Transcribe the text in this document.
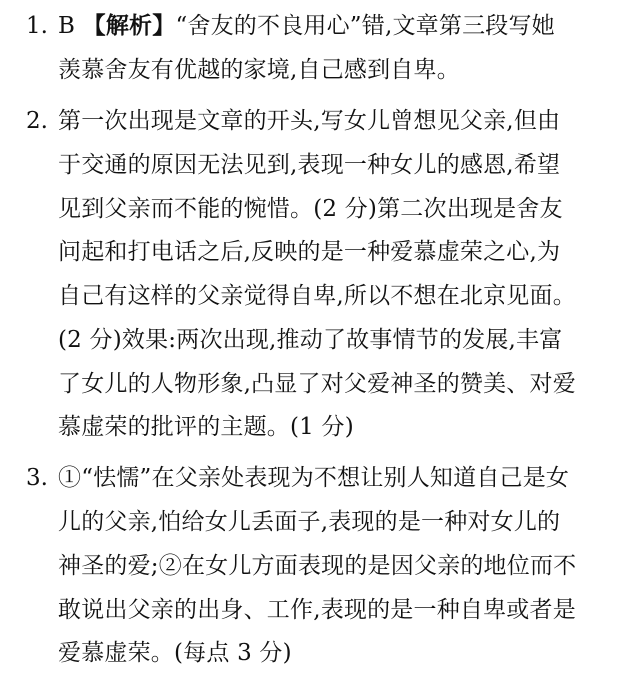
1. B 【解析】“舍友的不良用心”错,文章第三段写她
羡慕舍友有优越的家境,自己感到自卑。
2. 第一次出现是文章的开头,写女儿曾想见父亲,但由
于交通的原因无法见到,表现一种女儿的感恩,希望
见到父亲而不能的惋惜。(2 分)第二次出现是舍友
问起和打电话之后,反映的是一种爱慕虚荣之心,为
自己有这样的父亲觉得自卑,所以不想在北京见面。
(2 分)效果:两次出现,推动了故事情节的发展,丰富
了女儿的人物形象,凸显了对父爱神圣的赞美、对爱
慕虚荣的批评的主题。(1 分)
3. ①“怯懦”在父亲处表现为不想让别人知道自己是女
儿的父亲,怕给女儿丢面子,表现的是一种对女儿的
神圣的爱;②在女儿方面表现的是因父亲的地位而不
敢说出父亲的出身、工作,表现的是一种自卑或者是
爱慕虚荣。(每点 3 分)
